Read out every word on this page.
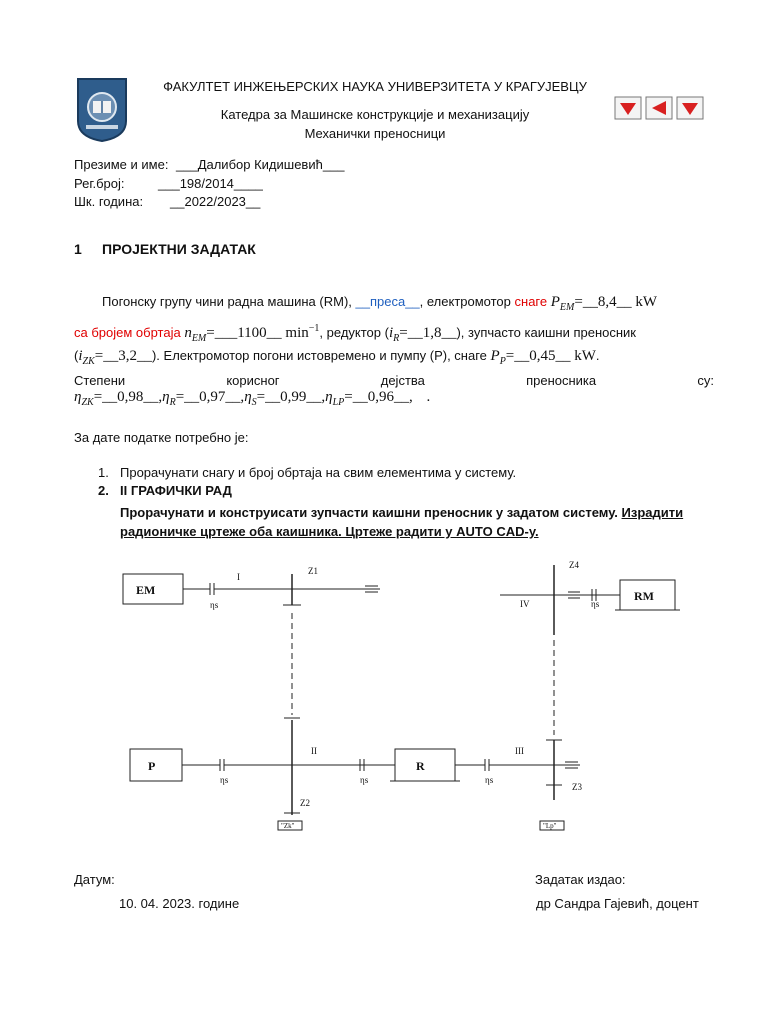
ФАКУЛТЕТ ИНЖЕЊЕРСКИХ НАУКА УНИВЕРЗИТЕТА У КРАГУЈЕВЦУ
Катедра за Машинске конструкције и механизацију
Механички преносници
Презиме и име: ___Далибор Кидишевић___
Рег.број:	___198/2014____
Шк. година: __2022/2023__
1 ПРОЈЕКТНИ ЗАДАТАК
Погонску групу чини радна машина (RM), __преса__, електромотор снаге $P_{EM}=\_\_8,4\_\_$ kW
са бројем обртаја $n_{EM}=\_\_\_1100\_\_$ $\min^{-1}$, редуктор $(i_R=\_\_1,8\_\_)$, зупчасто каишни преносник
$(i_{ZK}=\_\_3,2\_\_)$. Електромотор погони истовремено и пумпу (P), снаге $P_P=\_\_0,45\_\_$ kW.
Степени	корисног	дејства	преносника	су:
$\eta_{ZK}=\_\_0,98\_\_,\eta_R=\_\_0,97\_\_,\eta_S=\_\_0,99\_\_,\eta_{LP}=\_\_0,96\_\_$, .
За дате податке потребно је:
1. Прорачунати снагу и број обртаја на свим елементима у систему.
2. II ГРАФИЧКИ РАД
Прорачунати и конструисати зупчасти каишни преносник у задатом систему. Израдити
радионичке цртеже оба каишника. Цртеже радити у AUTO CAD-у.
EM	RM
P	R
I
Z1
ηs
Z4
IV	ηs
II
ηs	ηs	ηs
Z2
III
Z3
"Zk"	"Lp"
Датум:
10. 04. 2023. године
Задатак издао:
др Сандра Гајевић, доцент
